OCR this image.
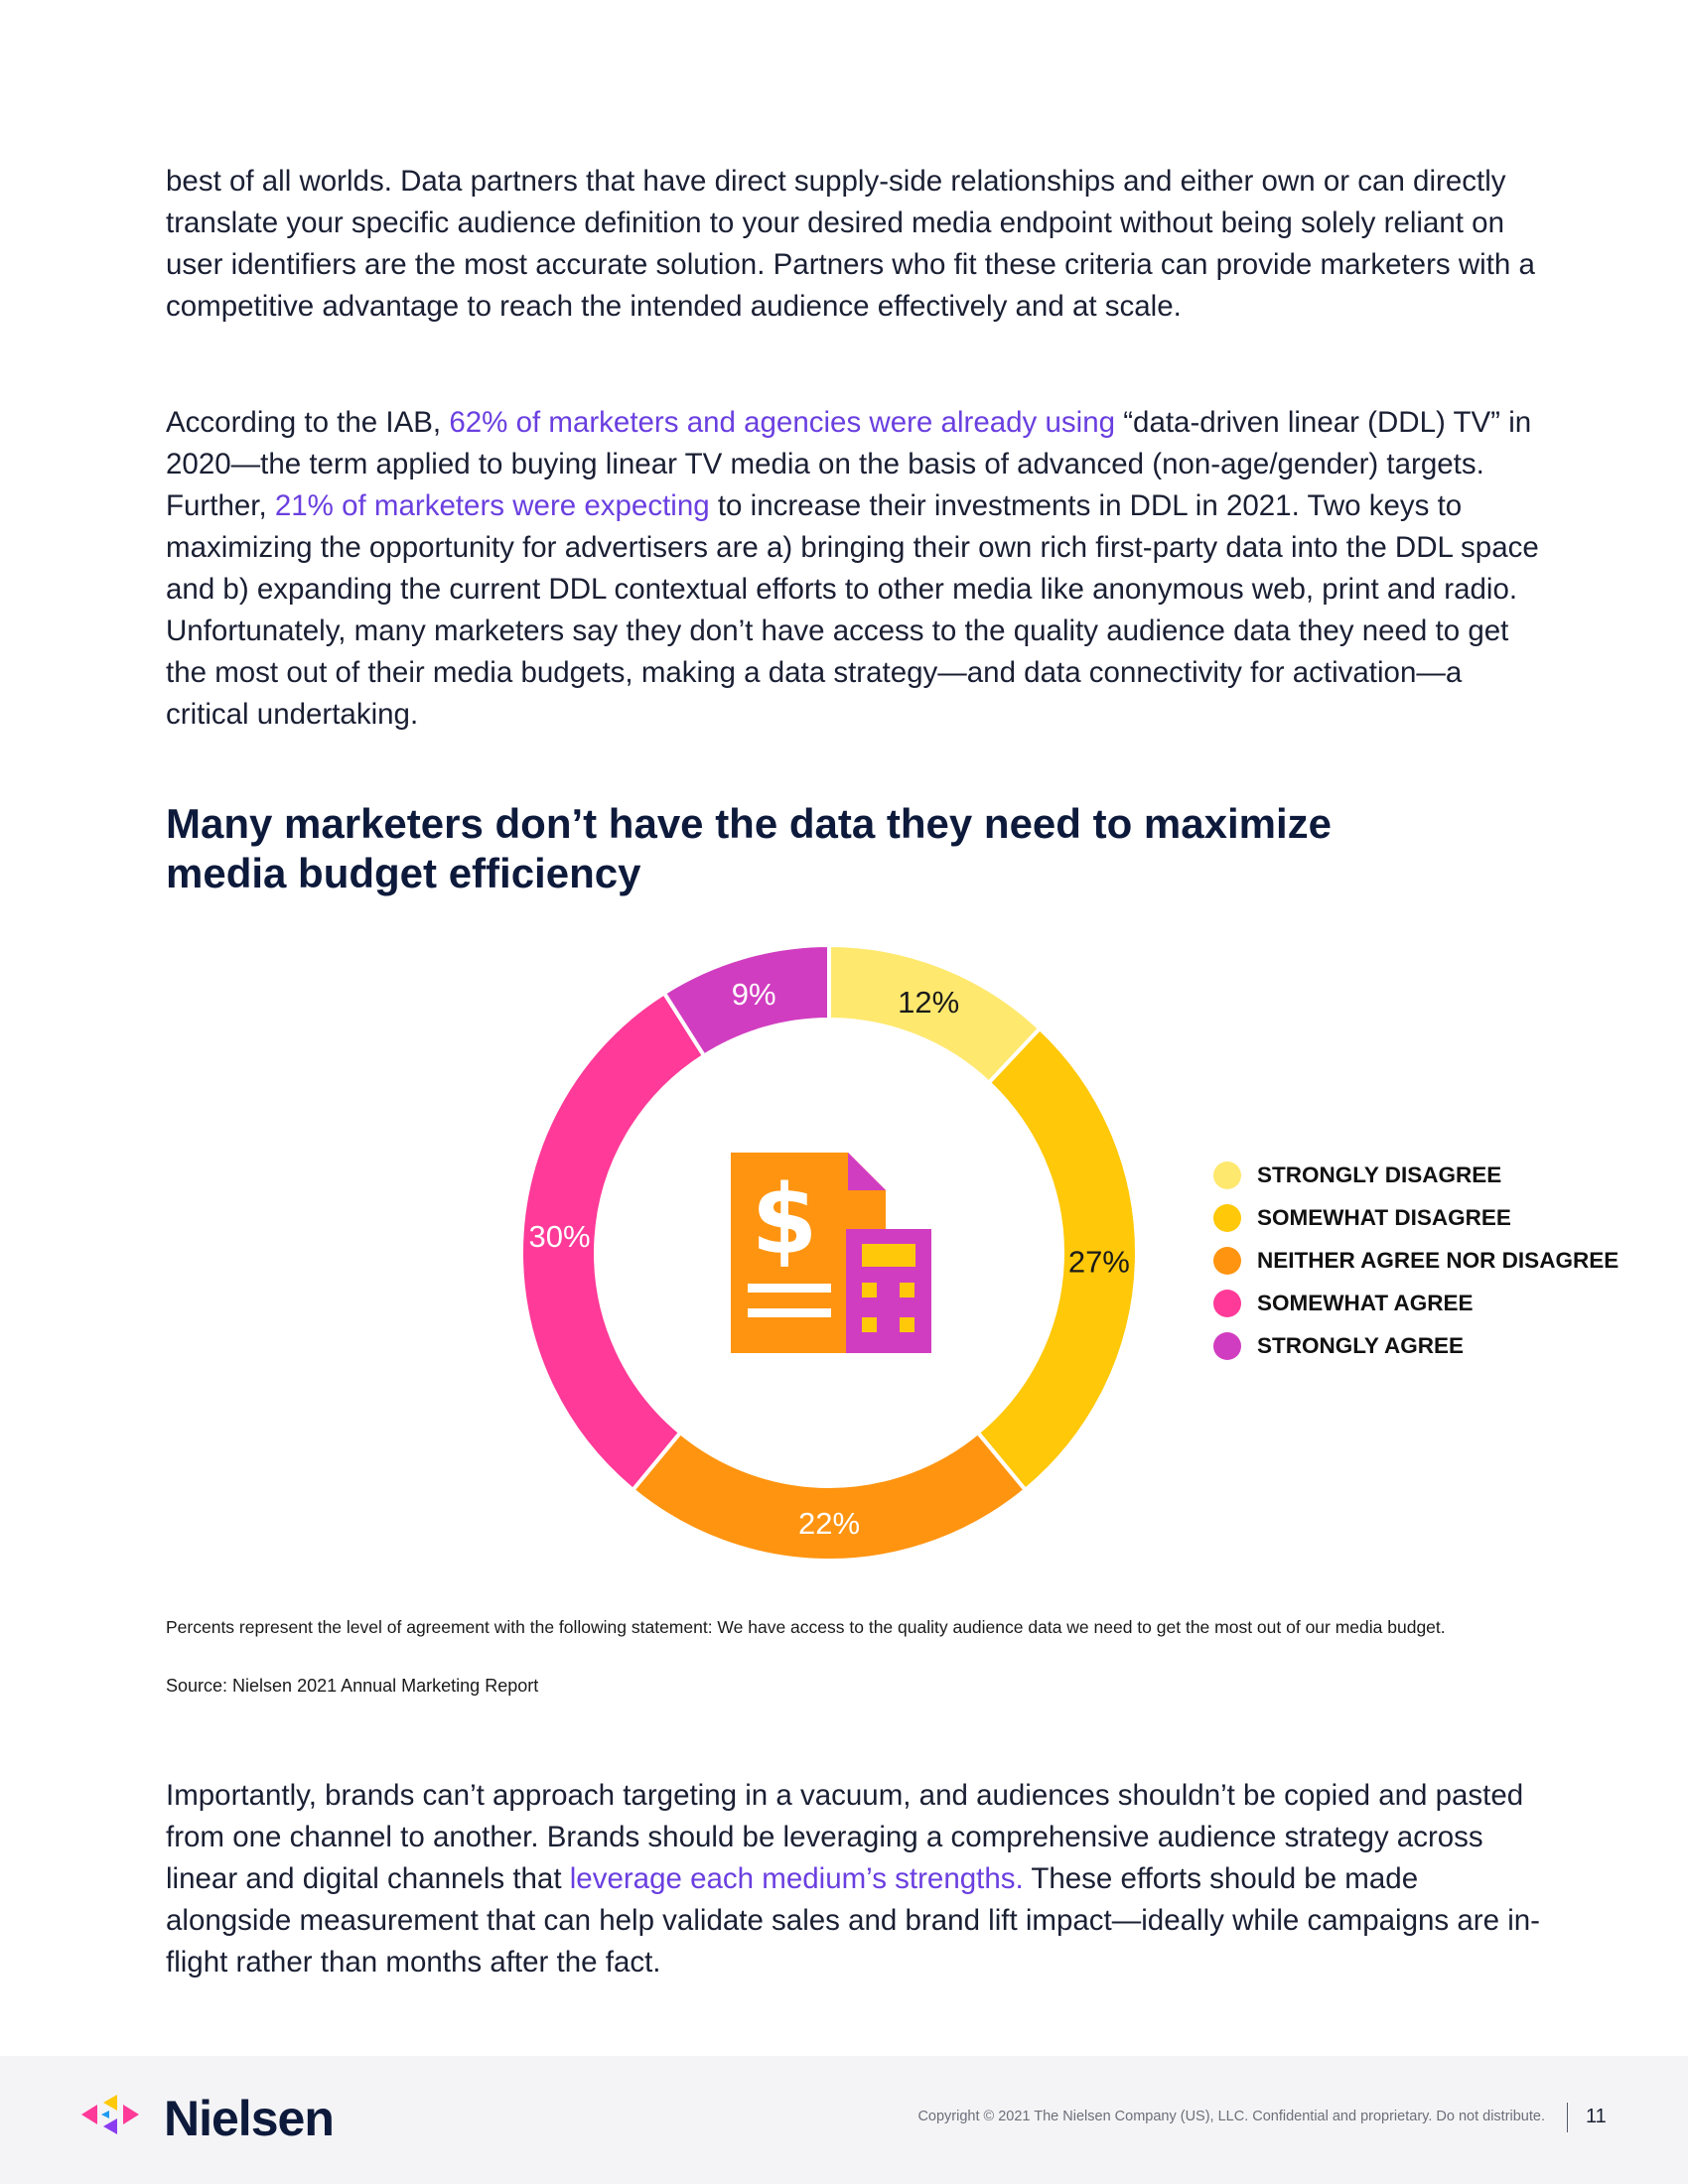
best of all worlds. Data partners that have direct supply-side relationships and either own or can directly translate your specific audience definition to your desired media endpoint without being solely reliant on user identifiers are the most accurate solution. Partners who fit these criteria can provide marketers with a competitive advantage to reach the intended audience effectively and at scale.

According to the IAB, 62% of marketers and agencies were already using “data-driven linear (DDL) TV” in 2020—the term applied to buying linear TV media on the basis of advanced (non-age/gender) targets. Further, 21% of marketers were expecting to increase their investments in DDL in 2021. Two keys to maximizing the opportunity for advertisers are a) bringing their own rich first-party data into the DDL space and b) expanding the current DDL contextual efforts to other media like anonymous web, print and radio. Unfortunately, many marketers say they don’t have access to the quality audience data they need to get the most out of their media budgets, making a data strategy—and data connectivity for activation—a critical undertaking.

Many marketers don’t have the data they need to maximize media budget efficiency
12%
27%
22%
30%
9%
$	STRONGLY DISAGREE
SOMEWHAT DISAGREE
NEITHER AGREE NOR DISAGREE
SOMEWHAT AGREE
STRONGLY AGREE

Percents represent the level of agreement with the following statement: We have access to the quality audience data we need to get the most out of our media budget.

Source: Nielsen 2021 Annual Marketing Report

Importantly, brands can’t approach targeting in a vacuum, and audiences shouldn’t be copied and pasted from one channel to another. Brands should be leveraging a comprehensive audience strategy across linear and digital channels that leverage each medium’s strengths. These efforts should be made alongside measurement that can help validate sales and brand lift impact—ideally while campaigns are in-flight rather than months after the fact.

Nielsen	Copyright © 2021 The Nielsen Company (US), LLC. Confidential and proprietary. Do not distribute. 11
